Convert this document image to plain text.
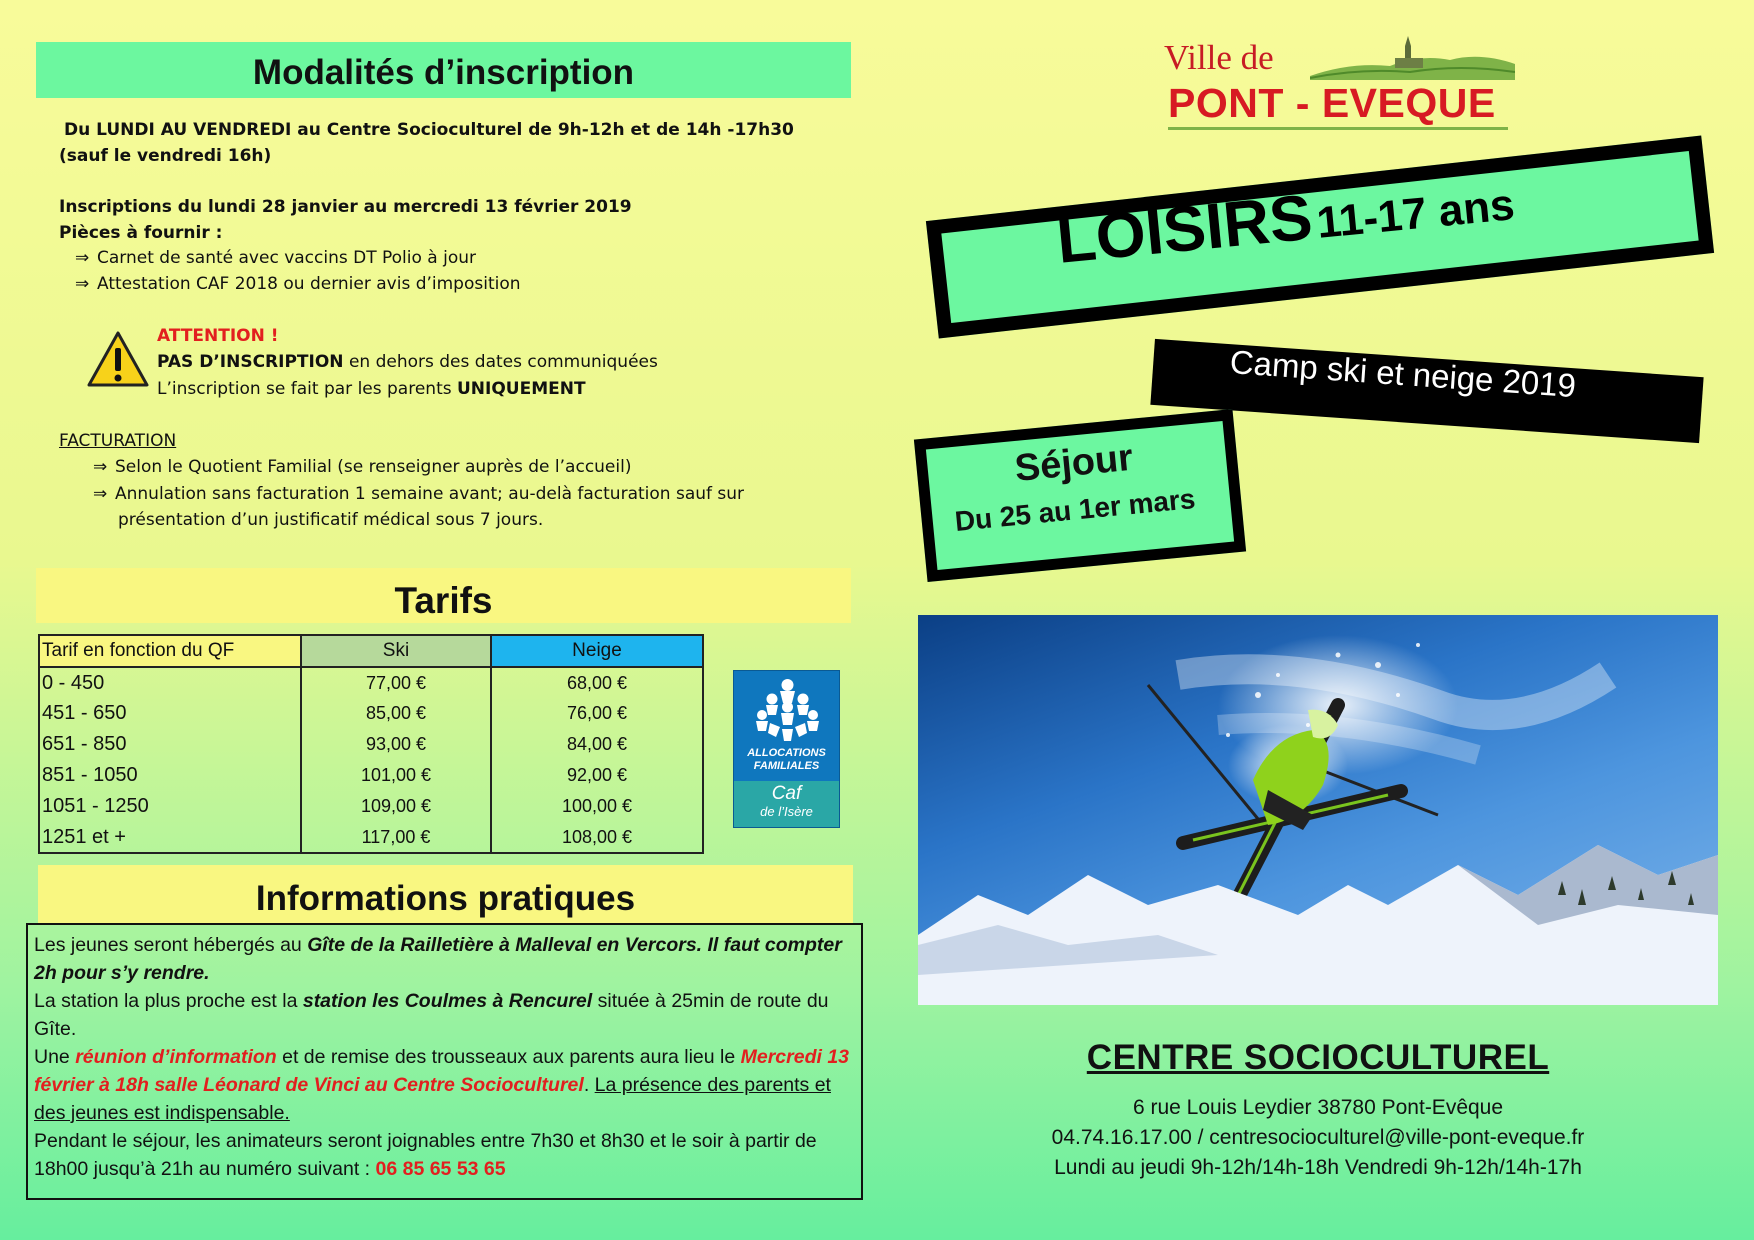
Modalités d’inscription
Du LUNDI AU VENDREDI au Centre Socioculturel de 9h-12h et de 14h -17h30
(sauf le vendredi 16h)
Inscriptions du lundi 28 janvier au mercredi 13 février 2019
Pièces à fournir :
⇒ Carnet de santé avec vaccins DT Polio à jour
⇒ Attestation CAF 2018 ou dernier avis d’imposition
ATTENTION !
PAS D’INSCRIPTION en dehors des dates communiquées
L’inscription se fait par les parents UNIQUEMENT
FACTURATION
⇒ Selon le Quotient Familial (se renseigner auprès de l’accueil)
⇒ Annulation sans facturation 1 semaine avant; au-delà facturation sauf sur
présentation d’un justificatif médical sous 7 jours.
Tarifs
Tarif en fonction du QF	Ski	Neige
0 - 450	77,00 €	68,00 €
451 - 650	85,00 €	76,00 €
651 - 850	93,00 €	84,00 €
851 - 1050	101,00 €	92,00 €
1051 - 1250	109,00 €	100,00 €
1251 et +	117,00 €	108,00 €
ALLOCATIONS
FAMILIALES
Caf
de l’Isère
Informations pratiques

Les jeunes seront hébergés au Gîte de la Railletière à Malleval en Vercors. Il faut compter 2h pour s’y rendre.

La station la plus proche est la station les Coulmes à Rencurel située à 25min de route du Gîte.

Une réunion d’information et de remise des trousseaux aux parents aura lieu le Mercredi 13 février à 18h salle Léonard de Vinci au Centre Socioculturel. La présence des parents et des jeunes est indispensable.

Pendant le séjour, les animateurs seront joignables entre 7h30 et 8h30 et le soir à partir de 18h00 jusqu’à 21h au numéro suivant : 06 85 65 53 65

Ville de
PONT - EVEQUE
LOISIRS 11-17 ans
Camp ski et neige 2019
Séjour
Du 25 au 1er mars
CENTRE SOCIOCULTUREL
6 rue Louis Leydier 38780 Pont-Evêque
04.74.16.17.00 / centresocioculturel@ville-pont-eveque.fr
Lundi au jeudi 9h-12h/14h-18h Vendredi 9h-12h/14h-17h
